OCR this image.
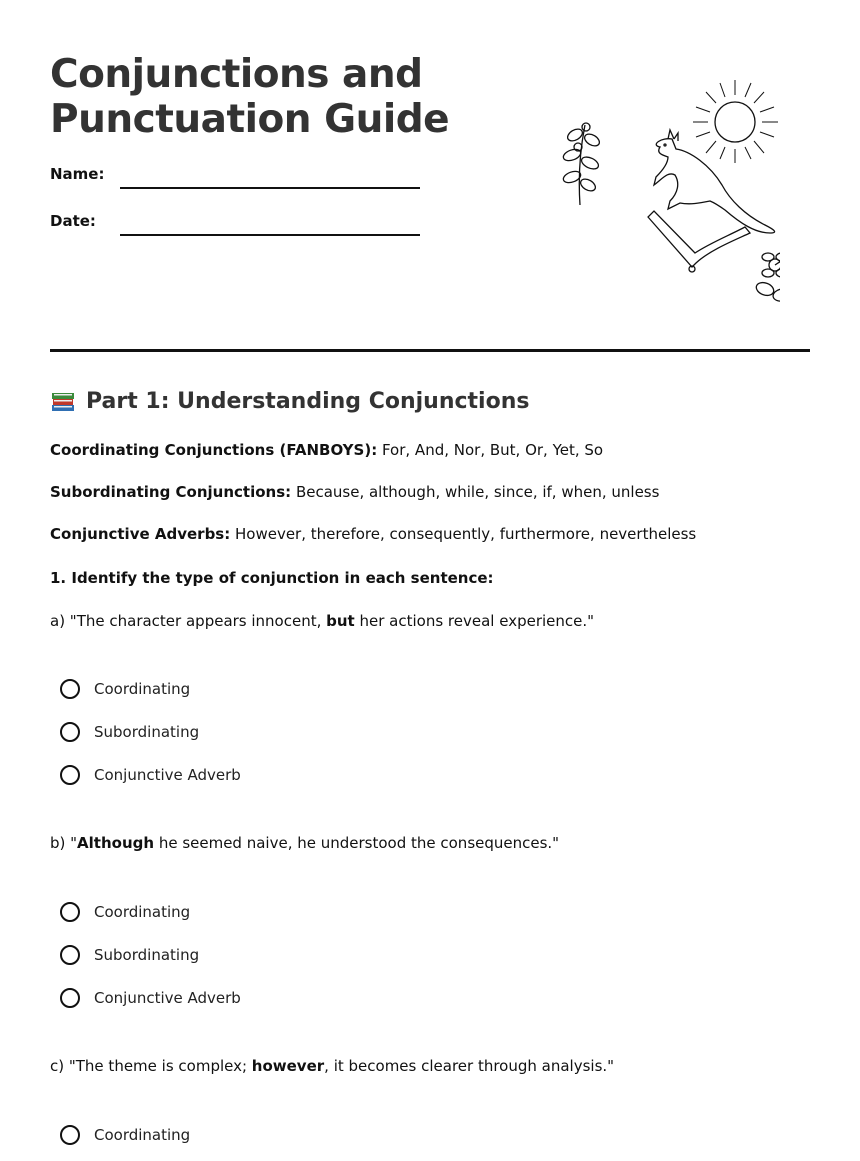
Conjunctions and
Punctuation Guide
Name:
Date:
Part 1: Understanding Conjunctions
Coordinating Conjunctions (FANBOYS): For, And, Nor, But, Or, Yet, So
Subordinating Conjunctions: Because, although, while, since, if, when, unless
Conjunctive Adverbs: However, therefore, consequently, furthermore, nevertheless
1. Identify the type of conjunction in each sentence:
a) "The character appears innocent, but her actions reveal experience."
Coordinating
Subordinating
Conjunctive Adverb
b) "Although he seemed naive, he understood the consequences."
Coordinating
Subordinating
Conjunctive Adverb
c) "The theme is complex; however, it becomes clearer through analysis."
Coordinating
